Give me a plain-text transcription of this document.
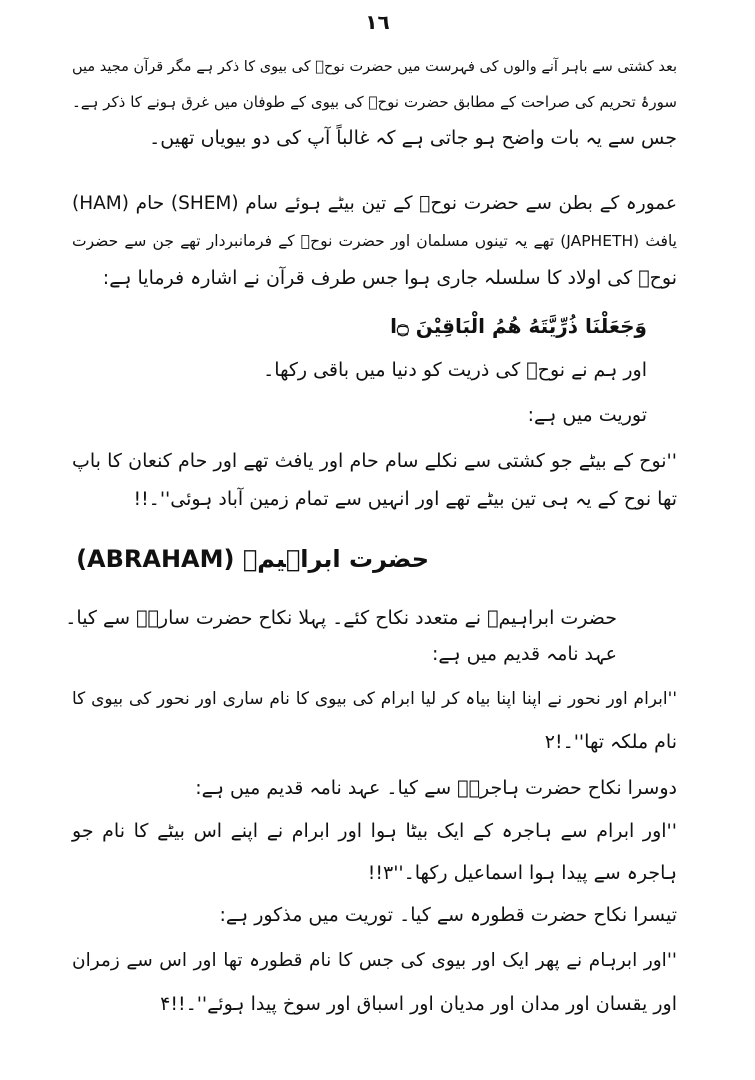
١٦
بعد کشتی سے باہر آنے والوں کی فہرست میں حضرت نوحؑ کی بیوی کا ذکر ہے مگر قرآن مجید میں
سورۂ تحریم کی صراحت کے مطابق حضرت نوحؑ کی بیوی کے طوفان میں غرق ہونے کا ذکر ہے۔
جس سے یہ بات واضح ہو جاتی ہے کہ غالباً آپ کی دو بیویاں تھیں۔
عمورہ کے بطن سے حضرت نوحؑ کے تین بیٹے ہوئے سام (SHEM) حام (HAM)
یافث (JAPHETH) تھے یہ تینوں مسلمان اور حضرت نوحؑ کے فرمانبردار تھے جن سے حضرت
نوحؑ کی اولاد کا سلسلہ جاری ہوا جس طرف قرآن نے اشارہ فرمایا ہے:
وَجَعَلْنَا ذُرِّيَّتَهُ هُمُ الْبَاقِيْنَ ۝ا
اور ہم نے نوحؑ کی ذریت کو دنیا میں باقی رکھا۔
توریت میں ہے:
''نوح کے بیٹے جو کشتی سے نکلے سام حام اور یافث تھے اور حام کنعان کا باپ
تھا نوح کے یہ ہی تین بیٹے تھے اور انہیں سے تمام زمین آباد ہوئی''۔!!
حضرت ابراہیمؑ (ABRAHAM)
حضرت ابراہیمؑ نے متعدد نکاح کئے۔ پہلا نکاح حضرت سارہؑ سے کیا۔
عہد نامہ قدیم میں ہے:
''ابرام اور نحور نے اپنا اپنا بیاہ کر لیا ابرام کی بیوی کا نام ساری اور نحور کی بیوی کا
نام ملکہ تھا''۔!۲
دوسرا نکاح حضرت ہاجرہؑ سے کیا۔ عہد نامہ قدیم میں ہے:
''اور ابرام سے ہاجرہ کے ایک بیٹا ہوا اور ابرام نے اپنے اس بیٹے کا نام جو
ہاجرہ سے پیدا ہوا اسماعیل رکھا۔''۳!!
تیسرا نکاح حضرت قطورہ سے کیا۔ توریت میں مذکور ہے:
''اور ابرہام نے پھر ایک اور بیوی کی جس کا نام قطورہ تھا اور اس سے زمران
اور یقسان اور مدان اور مدیان اور اسباق اور سوخ پیدا ہوئے''۔!!۴
